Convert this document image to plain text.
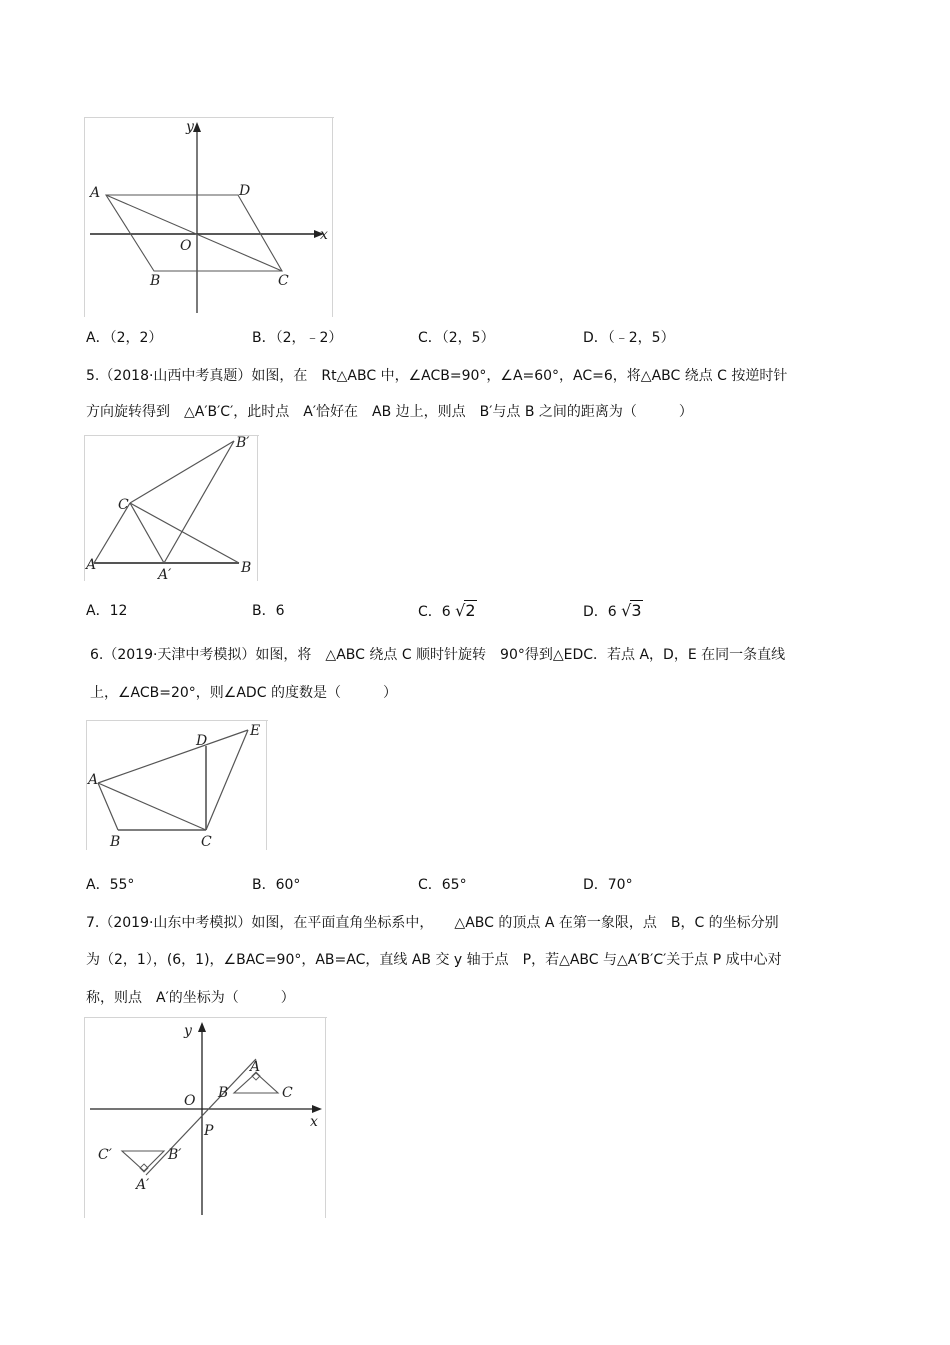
y
x
A	D
O
B	C
A．（2，2）	B．（2，﹣2）	C．（2，5）	D．（﹣2，5）
5.（2018·山西中考真题）如图，在　Rt△ABC 中，∠ACB=90°，∠A=60°，AC=6，将△ABC 绕点 C 按逆时针
方向旋转得到　△A′B′C′，此时点　A′恰好在　AB 边上，则点　B′与点 B 之间的距离为（　　　）
A
A′	B
B′
C
A．12	B．6	C．6 √2	D．6 √3
6.（2019·天津中考模拟）如图，将　△ABC 绕点 C 顺时针旋转　90°得到△EDC．若点 A，D，E 在同一条直线
上，∠ACB=20°，则∠ADC 的度数是（　　　）
A
B	C
D
E
A．55°	B．60°	C．65°	D．70°
7.（2019·山东中考模拟）如图，在平面直角坐标系中，　　△ABC 的顶点 A 在第一象限，点　B，C 的坐标分别
为（2，1），(6，1)，∠BAC=90°，AB=AC，直线 AB 交 y 轴于点　P，若△ABC 与△A′B′C′关于点 P 成中心对
称，则点　A′的坐标为（　　　）
y
x
O
P
A
B	C
A′
B′
C′
